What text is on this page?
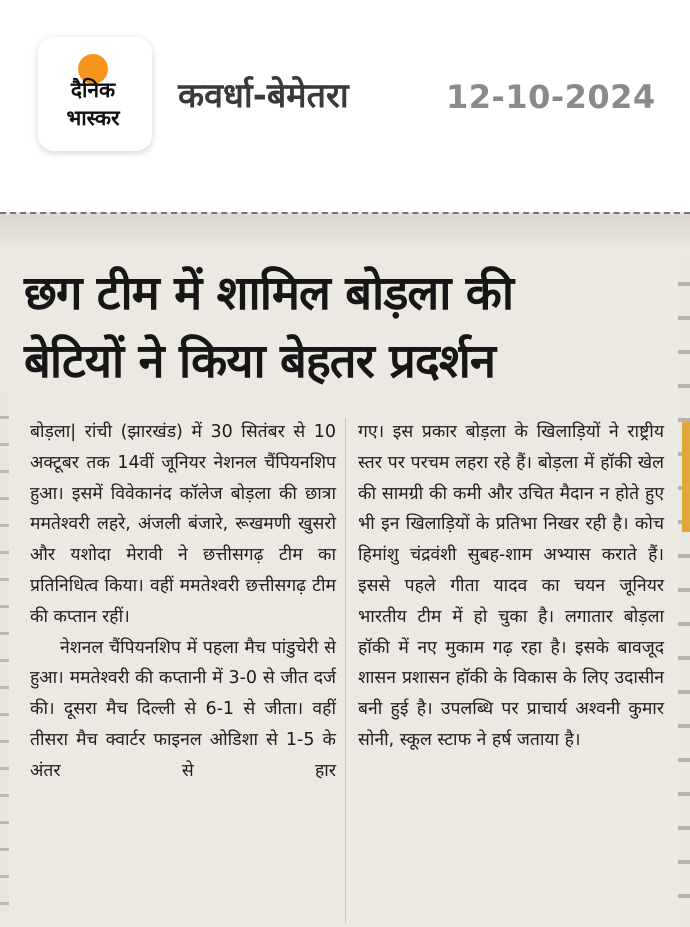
दैनिक
भास्कर
कवर्धा-बेमेतरा	12-10-2024
छग टीम में शामिल बोड़ला की
बेटियों ने किया बेहतर प्रदर्शन
बोड़ला| रांची (झारखंड) में 30 सितंबर से 10 अक्टूबर तक 14वीं जूनियर नेशनल चैंपियनशिप हुआ। इसमें विवेकानंद कॉलेज बोड़ला की छात्रा ममतेश्वरी लहरे, अंजली बंजारे, रूखमणी खुसरो और यशोदा मेरावी ने छत्तीसगढ़ टीम का प्रतिनिधित्व किया। वहीं ममतेश्वरी छत्तीसगढ़ टीम की कप्तान रहीं।
नेशनल चैंपियनशिप में पहला मैच पांडुचेरी से हुआ। ममतेश्वरी की कप्तानी में 3-0 से जीत दर्ज की। दूसरा मैच दिल्ली से 6-1 से जीता। वहीं तीसरा मैच क्वार्टर फाइनल ओडिशा से 1-5 के अंतर से हार
गए। इस प्रकार बोड़ला के खिलाड़ियों ने राष्ट्रीय स्तर पर परचम लहरा रहे हैं। बोड़ला में हॉकी खेल की सामग्री की कमी और उचित मैदान न होते हुए भी इन खिलाड़ियों के प्रतिभा निखर रही है। कोच हिमांशु चंद्रवंशी सुबह-शाम अभ्यास कराते हैं। इससे पहले गीता यादव का चयन जूनियर भारतीय टीम में हो चुका है। लगातार बोड़ला हॉकी में नए मुकाम गढ़ रहा है। इसके बावजूद शासन प्रशासन हॉकी के विकास के लिए उदासीन बनी हुई है। उपलब्धि पर प्राचार्य अश्वनी कुमार सोनी, स्कूल स्टाफ ने हर्ष जताया है।
